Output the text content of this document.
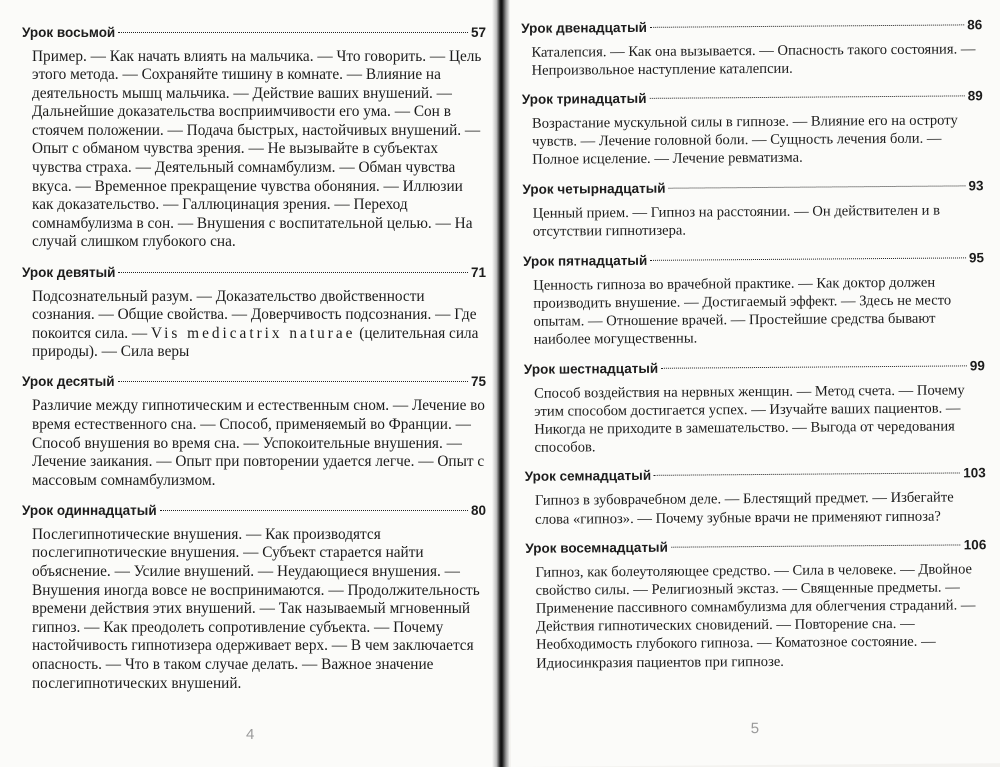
Урок восьмой	57

Пример. — Как начать влиять на мальчика. — Что говорить. — Цель этого метода. — Сохраняйте тишину в комнате. — Влияние на деятельность мышц мальчика. — Действие ваших внушений. — Дальнейшие доказательства восприимчивости его ума. — Сон в стоячем положении. — Подача быстрых, настойчивых внушений. — Опыт с обманом чувства зрения. — Не вызывайте в субъектах чувства страха. — Деятельный сомнамбулизм. — Обман чувства вкуса. — Временное прекращение чувства обоняния. — Иллюзии как доказательство. — Галлюцинация зрения. — Переход сомнамбулизма в сон. — Внушения с воспитательной целью. — На случай слишком глубокого сна.

Урок девятый	71

Подсознательный разум. — Доказательство двойственности сознания. — Общие свойства. — Доверчивость подсознания. — Где покоится сила. — Vis medicatrix naturae (целительная сила природы). — Сила веры

Урок десятый	75

Различие между гипнотическим и естественным сном. — Лечение во время естественного сна. — Способ, применяемый во Франции. — Способ внушения во время сна. — Успокоительные внушения. — Лечение заикания. — Опыт при повторении удается легче. — Опыт с массовым сомнамбулизмом.

Урок одиннадцатый	80

Послегипнотические внушения. — Как производятся послегипнотические внушения. — Субъект старается найти объяснение. — Усилие внушений. — Неудающиеся внушения. — Внушения иногда вовсе не воспринимаются. — Продолжительность времени действия этих внушений. — Так называемый мгновенный гипноз. — Как преодолеть сопротивление субъекта. — Почему настойчивость гипнотизера одерживает верх. — В чем заключается опасность. — Что в таком случае делать. — Важное значение послегипнотических внушений.

4
Урок двенадцатый	86

Каталепсия. — Как она вызывается. — Опасность такого состояния. — Непроизвольное наступление каталепсии.

Урок тринадцатый	89

Возрастание мускульной силы в гипнозе. — Влияние его на остроту чувств. — Лечение головной боли. — Сущность лечения боли. — Полное исцеление. — Лечение ревматизма.

Урок четырнадцатый	93

Ценный прием. — Гипноз на расстоянии. — Он действителен и в отсутствии гипнотизера.

Урок пятнадцатый	95

Ценность гипноза во врачебной практике. — Как доктор должен производить внушение. — Достигаемый эффект. — Здесь не место опытам. — Отношение врачей. — Простейшие средства бывают наиболее могущественны.

Урок шестнадцатый	99

Способ воздействия на нервных женщин. — Метод счета. — Почему этим способом достигается успех. — Изучайте ваших пациентов. — Никогда не приходите в замешательство. — Выгода от чередования способов.

Урок семнадцатый	103

Гипноз в зубоврачебном деле. — Блестящий предмет. — Избегайте слова «гипноз». — Почему зубные врачи не применяют гипноза?

Урок восемнадцатый	106

Гипноз, как болеутоляющее средство. — Сила в человеке. — Двойное свойство силы. — Религиозный экстаз. — Священные предметы. — Применение пассивного сомнамбулизма для облегчения страданий. — Действия гипнотических сновидений. — Повторение сна. — Необходимость глубокого гипноза. — Коматозное состояние. — Идиосинкразия пациентов при гипнозе.

5
